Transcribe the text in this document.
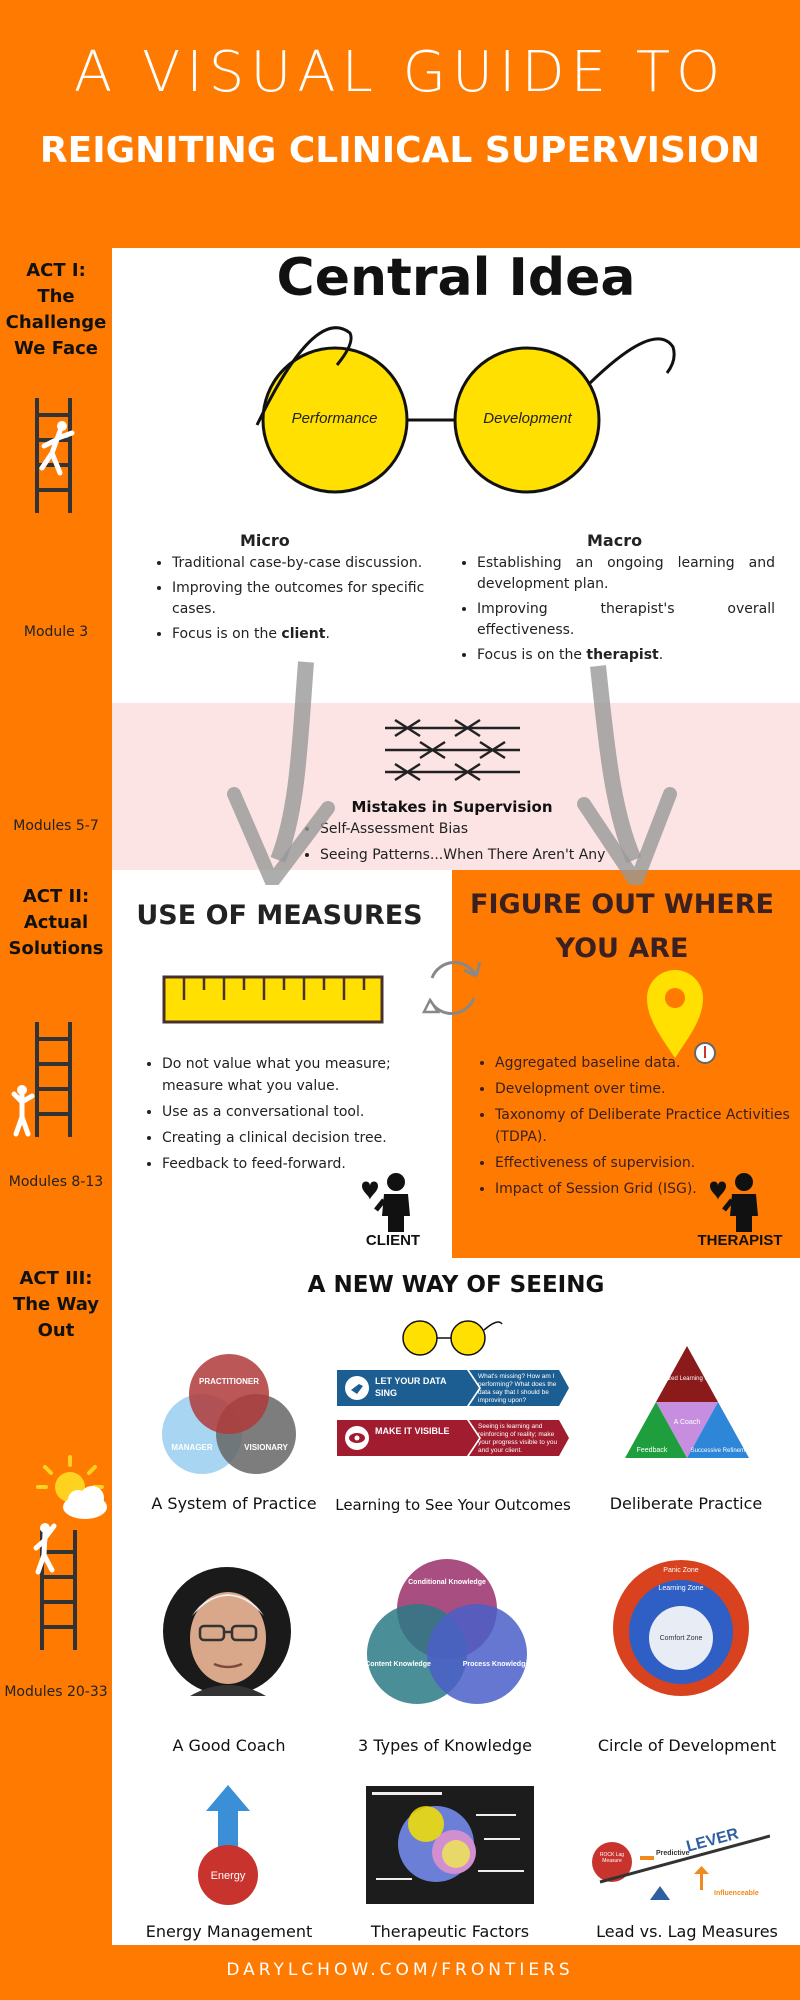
A VISUAL GUIDE TO
REIGNITING CLINICAL SUPERVISION
ACT I:
The
Challenge
We Face
Module 3
Modules 5-7
ACT II:
Actual
Solutions
Modules 8-13
ACT III:
The Way
Out
Modules 20-33
Central Idea
Performance	Development
Micro
• Traditional case-by-case discussion.
• Improving the outcomes for specific cases.
• Focus is on the client.
Macro
• Establishing an ongoing learning and development plan.
• Improving therapist's overall effectiveness.
• Focus is on the therapist.
Mistakes in Supervision
• Self-Assessment Bias
• Seeing Patterns...When There Aren't Any
USE OF MEASURES
• Do not value what you measure; measure what you value.
• Use as a conversational tool.
• Creating a clinical decision tree.
• Feedback to feed-forward.
CLIENT
FIGURE OUT WHERE
YOU ARE
• Aggregated baseline data.
• Development over time.
• Taxonomy of Deliberate Practice Activities (TDPA).
• Effectiveness of supervision.
• Impact of Session Grid (ISG).
THERAPIST
A NEW WAY OF SEEING
PRACTITIONER
MANAGER	VISIONARY
LET YOUR DATA SING
What's missing? How am I performing? What does the data say that I should be improving upon?
MAKE IT VISIBLE	Seeing is learning and reinforcing of reality; make your progress visible to you and your client.
Individualized Learning Objectives
A Coach
Feedback	Successive Refinement
A System of Practice	Learning to See Your Outcomes	Deliberate Practice
Conditional Knowledge
Content Knowledge	Process Knowledge
Panic Zone
Learning Zone
Comfort Zone
A Good Coach	3 Types of Knowledge	Circle of Development
Energy
ROCK Lag Measure
Predictive
LEVER
Influenceable
Energy Management	Therapeutic Factors	Lead vs. Lag Measures
DARYLCHOW.COM/FRONTIERS
